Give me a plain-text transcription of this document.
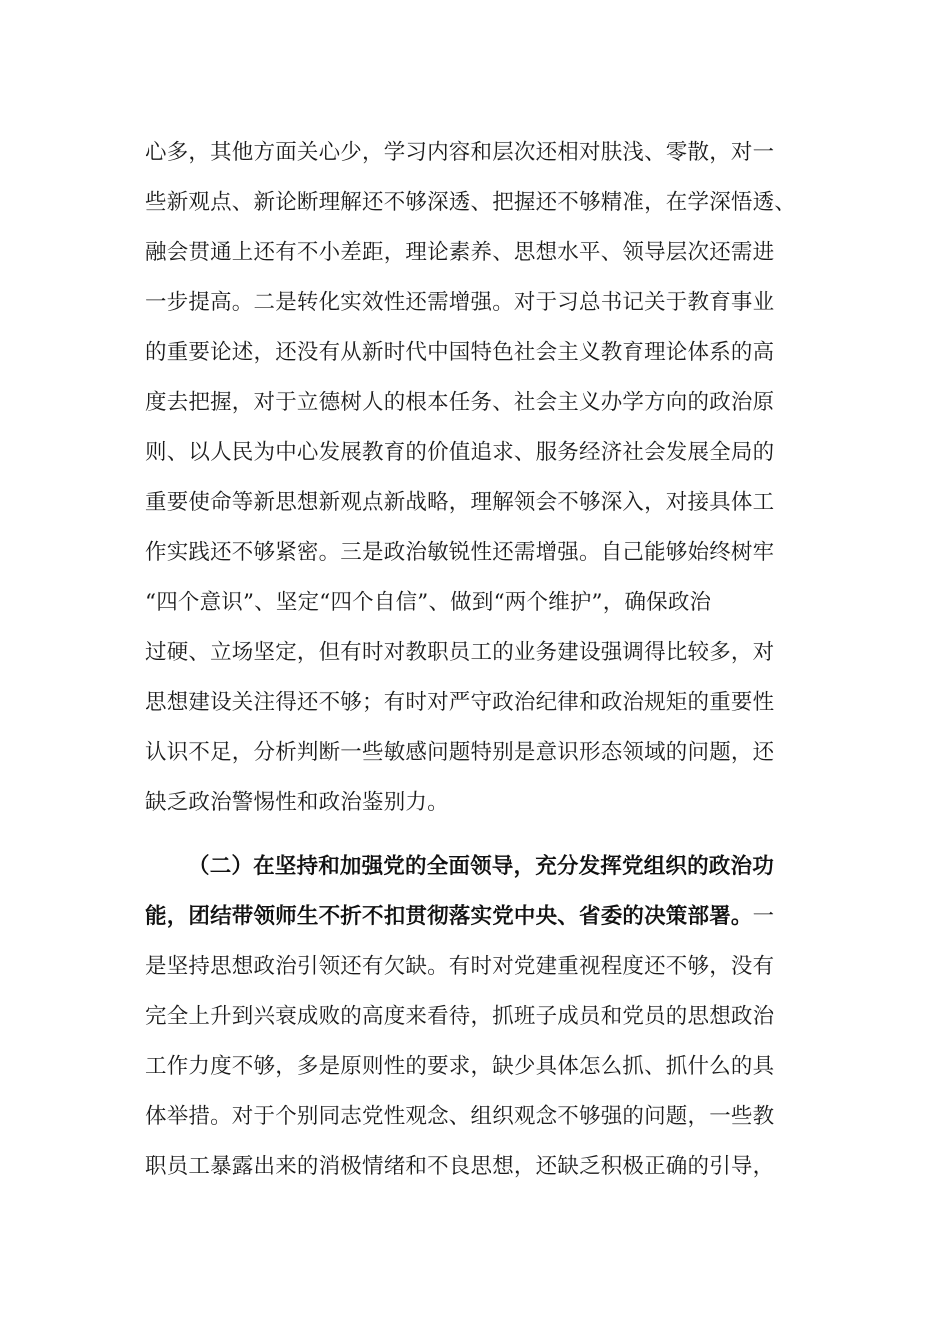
心多，其他方面关心少，学习内容和层次还相对肤浅、零散，对一
些新观点、新论断理解还不够深透、把握还不够精准，在学深悟透、
融会贯通上还有不小差距，理论素养、思想水平、领导层次还需进
一步提高。二是转化实效性还需增强。对于习总书记关于教育事业
的重要论述，还没有从新时代中国特色社会主义教育理论体系的高
度去把握，对于立德树人的根本任务、社会主义办学方向的政治原
则、以人民为中心发展教育的价值追求、服务经济社会发展全局的
重要使命等新思想新观点新战略，理解领会不够深入，对接具体工
作实践还不够紧密。三是政治敏锐性还需增强。自己能够始终树牢
“四个意识”、坚定“四个自信”、做到“两个维护”，确保政治
过硬、立场坚定，但有时对教职员工的业务建设强调得比较多，对
思想建设关注得还不够；有时对严守政治纪律和政治规矩的重要性
认识不足，分析判断一些敏感问题特别是意识形态领域的问题，还
缺乏政治警惕性和政治鉴别力。
（二）在坚持和加强党的全面领导，充分发挥党组织的政治功
能，团结带领师生不折不扣贯彻落实党中央、省委的决策部署。一
是坚持思想政治引领还有欠缺。有时对党建重视程度还不够，没有
完全上升到兴衰成败的高度来看待，抓班子成员和党员的思想政治
工作力度不够，多是原则性的要求，缺少具体怎么抓、抓什么的具
体举措。对于个别同志党性观念、组织观念不够强的问题，一些教
职员工暴露出来的消极情绪和不良思想，还缺乏积极正确的引导，
